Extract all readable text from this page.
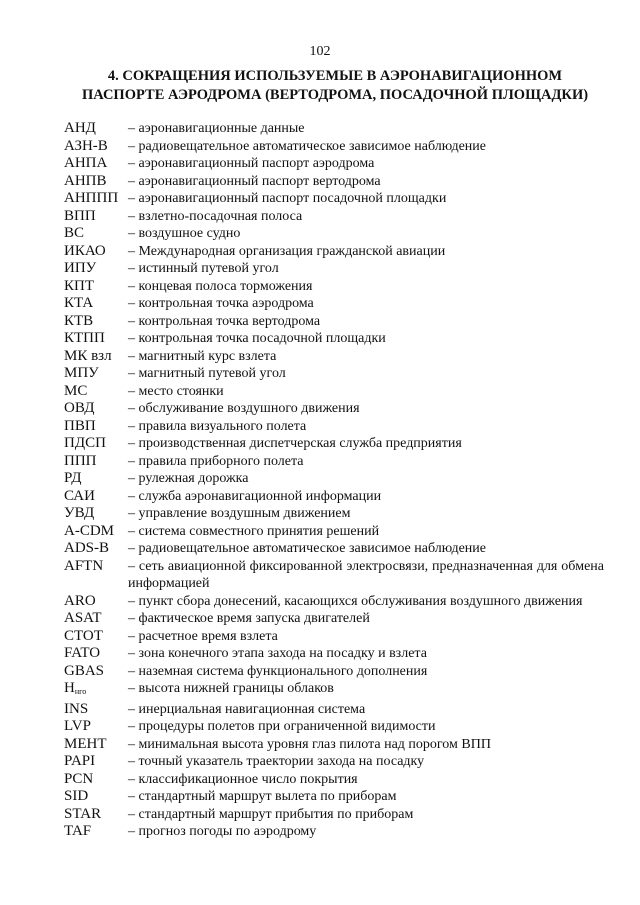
102
4. СОКРАЩЕНИЯ ИСПОЛЬЗУЕМЫЕ В АЭРОНАВИГАЦИОННОМ
ПАСПОРТЕ АЭРОДРОМА (ВЕРТОДРОМА, ПОСАДОЧНОЙ ПЛОЩАДКИ)
АНД	– аэронавигационные данные
АЗН-В	– радиовещательное автоматическое зависимое наблюдение
АНПА	– аэронавигационный паспорт аэродрома
АНПВ	– аэронавигационный паспорт вертодрома
АНППП – аэронавигационный паспорт посадочной площадки
ВПП	– взлетно-посадочная полоса
ВС	– воздушное судно
ИКАО	– Международная организация гражданской авиации
ИПУ	– истинный путевой угол
КПТ	– концевая полоса торможения
КТА	– контрольная точка аэродрома
КТВ	– контрольная точка вертодрома
КТПП	– контрольная точка посадочной площадки
МК взл	– магнитный курс взлета
МПУ	– магнитный путевой угол
МС	– место стоянки
ОВД	– обслуживание воздушного движения
ПВП	– правила визуального полета
ПДСП	– производственная диспетчерская служба предприятия
ППП	– правила приборного полета
РД	– рулежная дорожка
САИ	– служба аэронавигационной информации
УВД	– управление воздушным движением
A-CDM – система совместного принятия решений
ADS-B	– радиовещательное автоматическое зависимое наблюдение
AFTN	– сеть авиационной фиксированной электросвязи, предназначенная для обмена информацией
ARO	– пункт сбора донесений, касающихся обслуживания воздушного движения
ASAT	– фактическое время запуска двигателей
CTOT	– расчетное время взлета
FATO	– зона конечного этапа захода на посадку и взлета
GBAS	– наземная система функционального дополнения
$H_{нго}$	– высота нижней границы облаков
INS	– инерциальная навигационная система
LVP	– процедуры полетов при ограниченной видимости
MEHT	– минимальная высота уровня глаз пилота над порогом ВПП
PAPI	– точный указатель траектории захода на посадку
PCN	– классификационное число покрытия
SID	– стандартный маршрут вылета по приборам
STAR	– стандартный маршрут прибытия по приборам
TAF	– прогноз погоды по аэродрому
